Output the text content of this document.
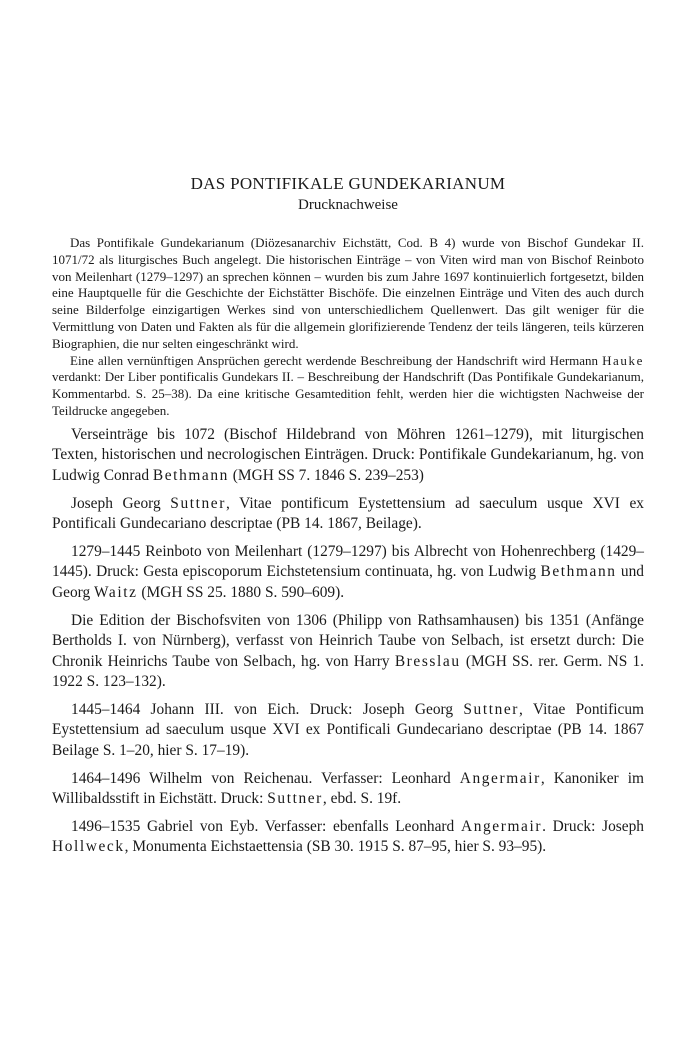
DAS PONTIFIKALE GUNDEKARIANUM
Drucknachweise

Das Pontifikale Gundekarianum (Diözesanarchiv Eichstätt, Cod. B 4) wurde von Bischof Gundekar II. 1071/72 als liturgisches Buch angelegt. Die historischen Einträge – von Viten wird man von Bischof Reinboto von Meilenhart (1279–1297) an sprechen können – wurden bis zum Jahre 1697 kontinuierlich fortgesetzt, bilden eine Hauptquelle für die Geschichte der Eichstätter Bischöfe. Die einzelnen Einträge und Viten des auch durch seine Bilderfolge einzigartigen Werkes sind von unterschiedlichem Quellenwert. Das gilt weniger für die Vermittlung von Daten und Fakten als für die allgemein glorifizierende Tendenz der teils längeren, teils kürzeren Biographien, die nur selten eingeschränkt wird.

Eine allen vernünftigen Ansprüchen gerecht werdende Beschreibung der Handschrift wird Hermann Hauke verdankt: Der Liber pontificalis Gundekars II. – Beschreibung der Handschrift (Das Pontifikale Gundekarianum, Kommentarbd. S. 25–38). Da eine kritische Gesamtedition fehlt, werden hier die wichtigsten Nachweise der Teildrucke angegeben.

Verseinträge bis 1072 (Bischof Hildebrand von Möhren 1261–1279), mit liturgischen Texten, historischen und necrologischen Einträgen. Druck: Pontifikale Gundekarianum, hg. von Ludwig Conrad Bethmann (MGH SS 7. 1846 S. 239–253)

Joseph Georg Suttner, Vitae pontificum Eystettensium ad saeculum usque XVI ex Pontificali Gundecariano descriptae (PB 14. 1867, Beilage).

1279–1445 Reinboto von Meilenhart (1279–1297) bis Albrecht von Hohenrechberg (1429–1445). Druck: Gesta episcoporum Eichstetensium continuata, hg. von Ludwig Bethmann und Georg Waitz (MGH SS 25. 1880 S. 590–609).

Die Edition der Bischofsviten von 1306 (Philipp von Rathsamhausen) bis 1351 (Anfänge Bertholds I. von Nürnberg), verfasst von Heinrich Taube von Selbach, ist ersetzt durch: Die Chronik Heinrichs Taube von Selbach, hg. von Harry Bresslau (MGH SS. rer. Germ. NS 1. 1922 S. 123–132).

1445–1464 Johann III. von Eich. Druck: Joseph Georg Suttner, Vitae Pontificum Eystettensium ad saeculum usque XVI ex Pontificali Gundecariano descriptae (PB 14. 1867 Beilage S. 1–20, hier S. 17–19).

1464–1496 Wilhelm von Reichenau. Verfasser: Leonhard Angermair, Kanoniker im Willibaldsstift in Eichstätt. Druck: Suttner, ebd. S. 19f.

1496–1535 Gabriel von Eyb. Verfasser: ebenfalls Leonhard Angermair. Druck: Joseph Hollweck, Monumenta Eichstaettensia (SB 30. 1915 S. 87–95, hier S. 93–95).
